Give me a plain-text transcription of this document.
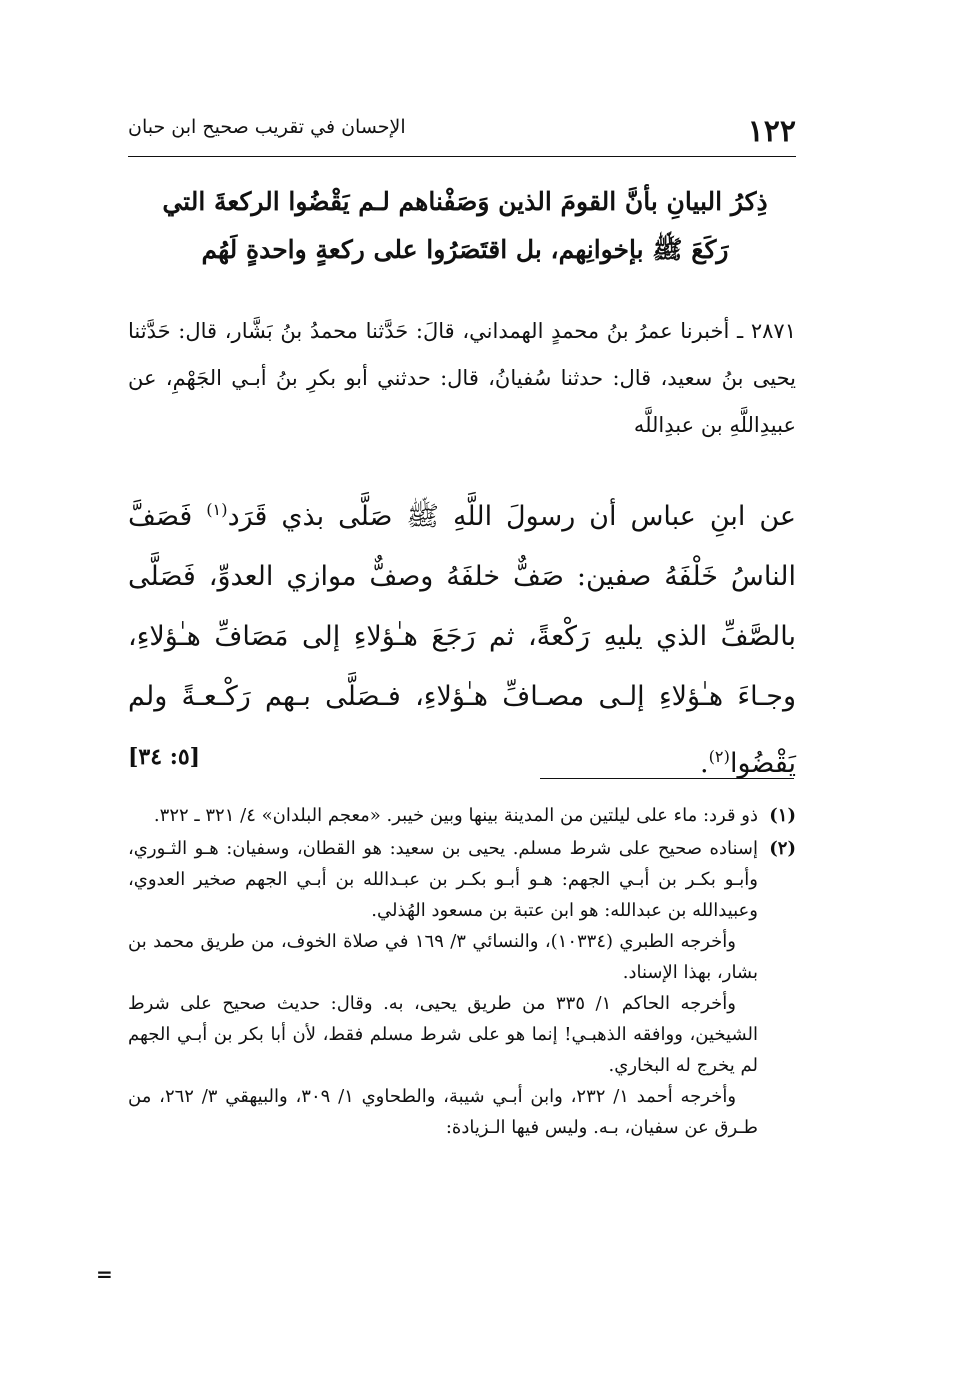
١٢٢
الإحسان في تقريب صحيح ابن حبان
ذِكرُ البيانِ بأنَّ القومَ الذين وَصَفْناهم لـم يَقْضُوا الركعةَ التي
رَكَعَ ﷺ بإخوانِهم، بل اقتَصَرُوا على ركعةٍ واحدةٍ لَهُم
٢٨٧١ ـ أخبرنا عمرُ بنُ محمدٍ الهمداني، قالَ: حَدَّثنا محمدُ بنُ بَشَّار، قال: حَدَّثنا يحيى بنُ سعيد، قال: حدثنا سُفيانُ، قال: حدثني أبو بكرِ بنُ أبـي الجَهْمِ، عن عبيدِاللَّهِ بن عبدِاللَّه
عن ابنِ عباس أن رسولَ اللَّهِ ﷺ صَلَّى بذي قَرَد$^{(١)}$ فَصَفَّ الناسُ خَلْفَهُ صفين: صَفٌّ خلفَهُ وصفٌّ موازي العدوِّ، فَصَلَّى بالصَّفِّ الذي يليهِ رَكْعةً، ثم رَجَعَ هـٰؤلاءِ إلى مَصَافِّ هـٰؤلاءِ، وجـاءَ هـٰؤلاءِ إلـى مصـافِّ هـٰؤلاءِ، فـصَلَّى بـهم رَكْـعـةً ولم يَقْضُوا$^{(٢)}$.
[٥: ٣٤]
(١)

ذو قرد: ماء على ليلتين من المدينة بينها وبين خيبر. «معجم البلدان» ٤/ ٣٢١ ـ ٣٢٢.

(٢)

إسناده صحيح على شرط مسلم. يحيى بن سعيد: هو القطان، وسفيان: هـو الثـوري، وأبـو بكـر بن أبـي الجهم: هـو أبـو بكـر بن عبـدالله بن أبـي الجهم صخير العدوي، وعبيدالله بن عبدالله: هو ابن عتبة بن مسعود الهُذلي.

وأخرجه الطبري (١٠٣٣٤)، والنسائي ٣/ ١٦٩ في صلاة الخوف، من طريق محمد بن بشار، بهذا الإسناد.

وأخرجه الحاكم ١/ ٣٣٥ من طريق يحيى، به. وقال: حديث صحيح على شرط الشيخين، ووافقه الذهبـي! إنما هو على شرط مسلم فقط، لأن أبا بكر بن أبـي الجهم لم يخرج له البخاري.

وأخرجه أحمد ١/ ٢٣٢، وابن أبـي شيبة، والطحاوي ١/ ٣٠٩، والبيهقي ٣/ ٢٦٢، من طـرق عن سفيان، بـه. وليس فيها الـزيادة:

=
